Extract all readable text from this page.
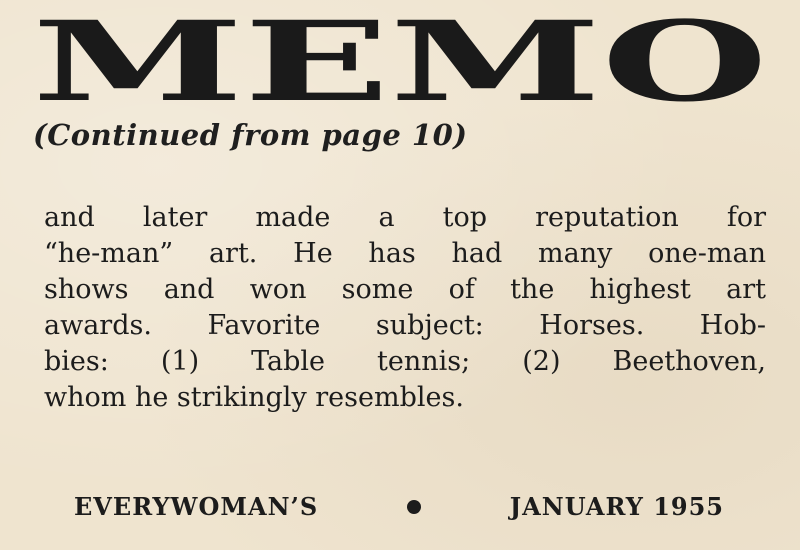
MEMO
(Continued from page 10)
and later made a top reputation for
“he-man” art. He has had many one-man
shows and won some of the highest art
awards. Favorite subject: Horses. Hob-
bies: (1) Table tennis; (2) Beethoven,
whom he strikingly resembles.
EVERYWOMAN’S	JANUARY 1955
